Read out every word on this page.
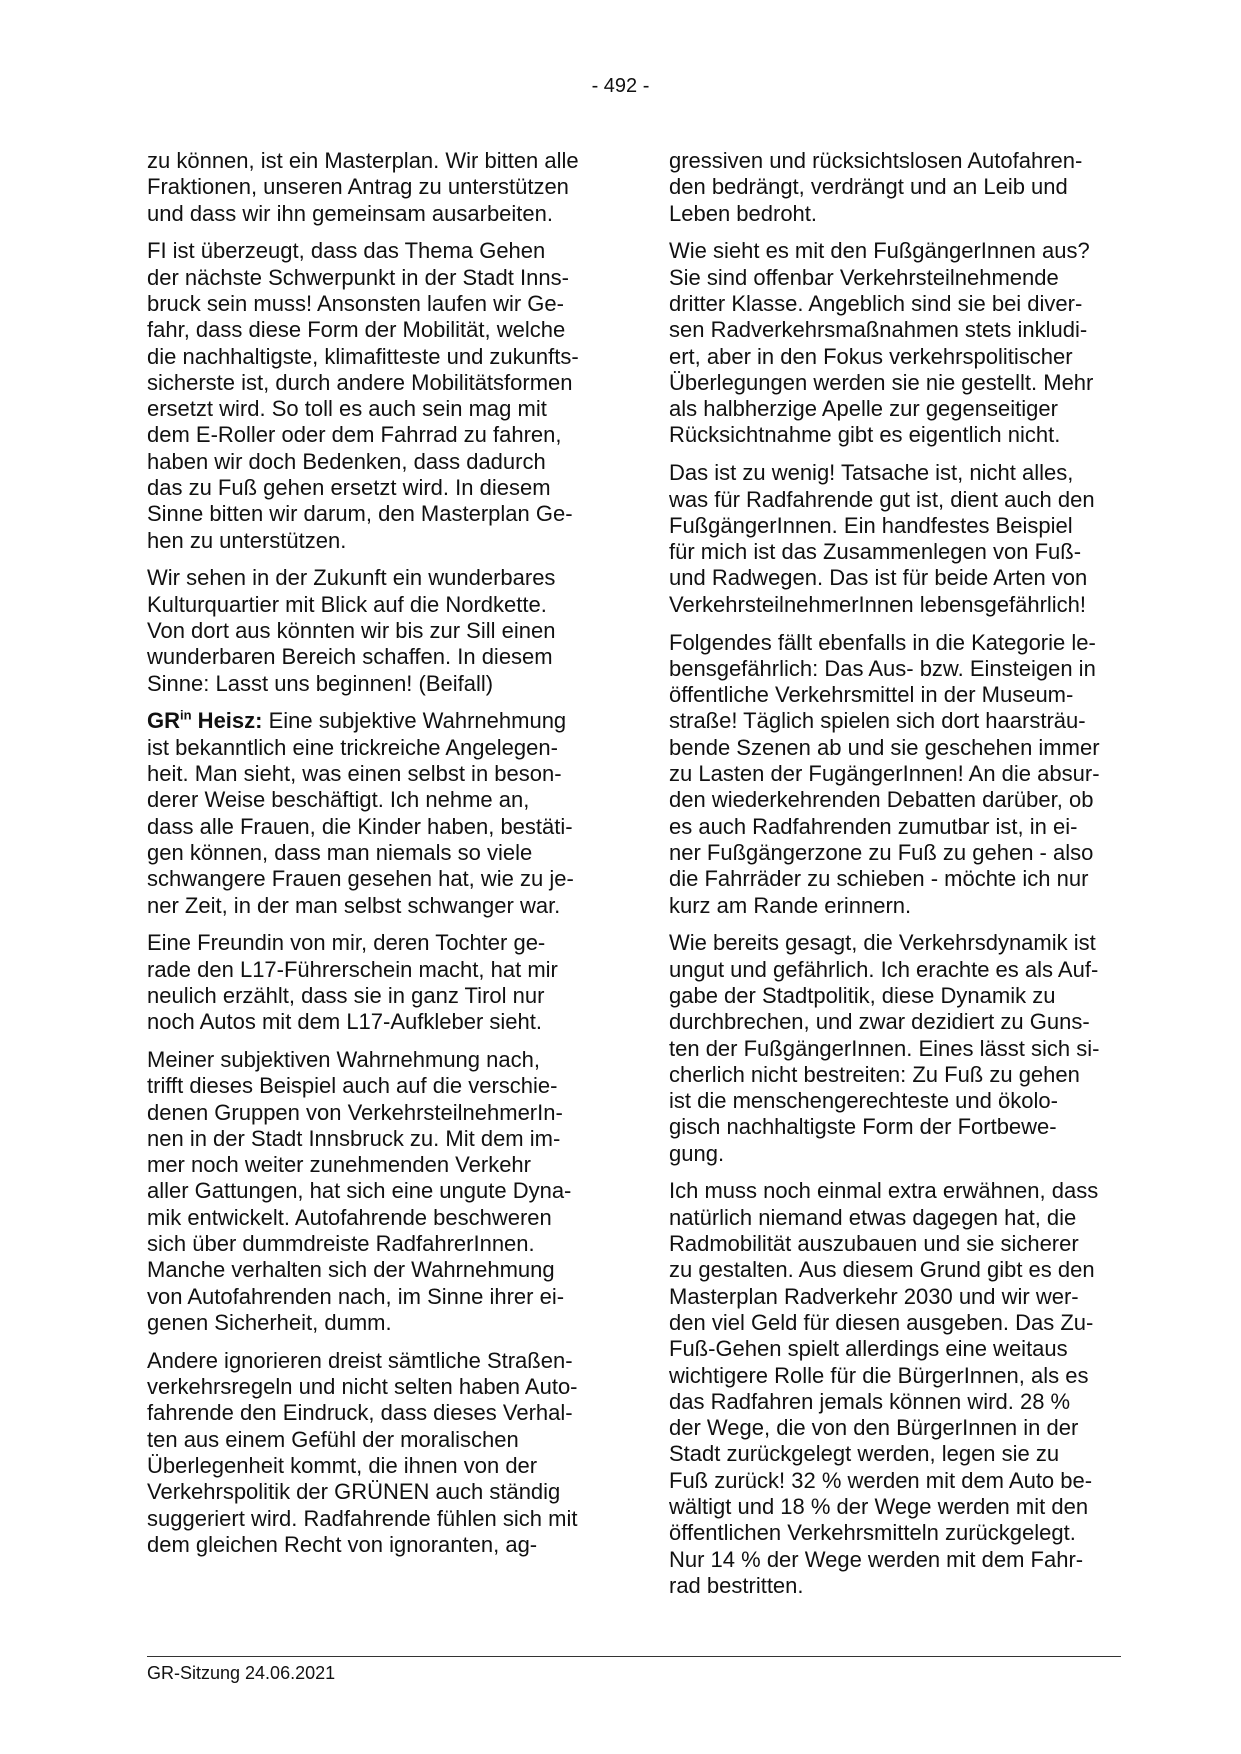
- 492 -

zu können, ist ein Masterplan. Wir bitten alle
Fraktionen, unseren Antrag zu unterstützen
und dass wir ihn gemeinsam ausarbeiten.

FI ist überzeugt, dass das Thema Gehen
der nächste Schwerpunkt in der Stadt Inns-
bruck sein muss! Ansonsten laufen wir Ge-
fahr, dass diese Form der Mobilität, welche
die nachhaltigste, klimafitteste und zukunfts-
sicherste ist, durch andere Mobilitätsformen
ersetzt wird. So toll es auch sein mag mit
dem E-Roller oder dem Fahrrad zu fahren,
haben wir doch Bedenken, dass dadurch
das zu Fuß gehen ersetzt wird. In diesem
Sinne bitten wir darum, den Masterplan Ge-
hen zu unterstützen.

Wir sehen in der Zukunft ein wunderbares
Kulturquartier mit Blick auf die Nordkette.
Von dort aus könnten wir bis zur Sill einen
wunderbaren Bereich schaffen. In diesem
Sinne: Lasst uns beginnen! (Beifall)

$GR^{in}$ Heisz: Eine subjektive Wahrnehmung
ist bekanntlich eine trickreiche Angelegen-
heit. Man sieht, was einen selbst in beson-
derer Weise beschäftigt. Ich nehme an,
dass alle Frauen, die Kinder haben, bestäti-
gen können, dass man niemals so viele
schwangere Frauen gesehen hat, wie zu je-
ner Zeit, in der man selbst schwanger war.

Eine Freundin von mir, deren Tochter ge-
rade den L17-Führerschein macht, hat mir
neulich erzählt, dass sie in ganz Tirol nur
noch Autos mit dem L17-Aufkleber sieht.

Meiner subjektiven Wahrnehmung nach,
trifft dieses Beispiel auch auf die verschie-
denen Gruppen von VerkehrsteilnehmerIn-
nen in der Stadt Innsbruck zu. Mit dem im-
mer noch weiter zunehmenden Verkehr
aller Gattungen, hat sich eine ungute Dyna-
mik entwickelt. Autofahrende beschweren
sich über dummdreiste RadfahrerInnen.
Manche verhalten sich der Wahrnehmung
von Autofahrenden nach, im Sinne ihrer ei-
genen Sicherheit, dumm.

Andere ignorieren dreist sämtliche Straßen-
verkehrsregeln und nicht selten haben Auto-
fahrende den Eindruck, dass dieses Verhal-
ten aus einem Gefühl der moralischen
Überlegenheit kommt, die ihnen von der
Verkehrspolitik der GRÜNEN auch ständig
suggeriert wird. Radfahrende fühlen sich mit
dem gleichen Recht von ignoranten, ag-

gressiven und rücksichtslosen Autofahren-
den bedrängt, verdrängt und an Leib und
Leben bedroht.

Wie sieht es mit den FußgängerInnen aus?
Sie sind offenbar Verkehrsteilnehmende
dritter Klasse. Angeblich sind sie bei diver-
sen Radverkehrsmaßnahmen stets inkludi-
ert, aber in den Fokus verkehrspolitischer
Überlegungen werden sie nie gestellt. Mehr
als halbherzige Apelle zur gegenseitiger
Rücksichtnahme gibt es eigentlich nicht.

Das ist zu wenig! Tatsache ist, nicht alles,
was für Radfahrende gut ist, dient auch den
FußgängerInnen. Ein handfestes Beispiel
für mich ist das Zusammenlegen von Fuß-
und Radwegen. Das ist für beide Arten von
VerkehrsteilnehmerInnen lebensgefährlich!

Folgendes fällt ebenfalls in die Kategorie le-
bensgefährlich: Das Aus- bzw. Einsteigen in
öffentliche Verkehrsmittel in der Museum-
straße! Täglich spielen sich dort haarsträu-
bende Szenen ab und sie geschehen immer
zu Lasten der FugängerInnen! An die absur-
den wiederkehrenden Debatten darüber, ob
es auch Radfahrenden zumutbar ist, in ei-
ner Fußgängerzone zu Fuß zu gehen - also
die Fahrräder zu schieben - möchte ich nur
kurz am Rande erinnern.

Wie bereits gesagt, die Verkehrsdynamik ist
ungut und gefährlich. Ich erachte es als Auf-
gabe der Stadtpolitik, diese Dynamik zu
durchbrechen, und zwar dezidiert zu Guns-
ten der FußgängerInnen. Eines lässt sich si-
cherlich nicht bestreiten: Zu Fuß zu gehen
ist die menschengerechteste und ökolo-
gisch nachhaltigste Form der Fortbewe-
gung.

Ich muss noch einmal extra erwähnen, dass
natürlich niemand etwas dagegen hat, die
Radmobilität auszubauen und sie sicherer
zu gestalten. Aus diesem Grund gibt es den
Masterplan Radverkehr 2030 und wir wer-
den viel Geld für diesen ausgeben. Das Zu-
Fuß-Gehen spielt allerdings eine weitaus
wichtigere Rolle für die BürgerInnen, als es
das Radfahren jemals können wird. 28 %
der Wege, die von den BürgerInnen in der
Stadt zurückgelegt werden, legen sie zu
Fuß zurück! 32 % werden mit dem Auto be-
wältigt und 18 % der Wege werden mit den
öffentlichen Verkehrsmitteln zurückgelegt.
Nur 14 % der Wege werden mit dem Fahr-
rad bestritten.

GR-Sitzung 24.06.2021
